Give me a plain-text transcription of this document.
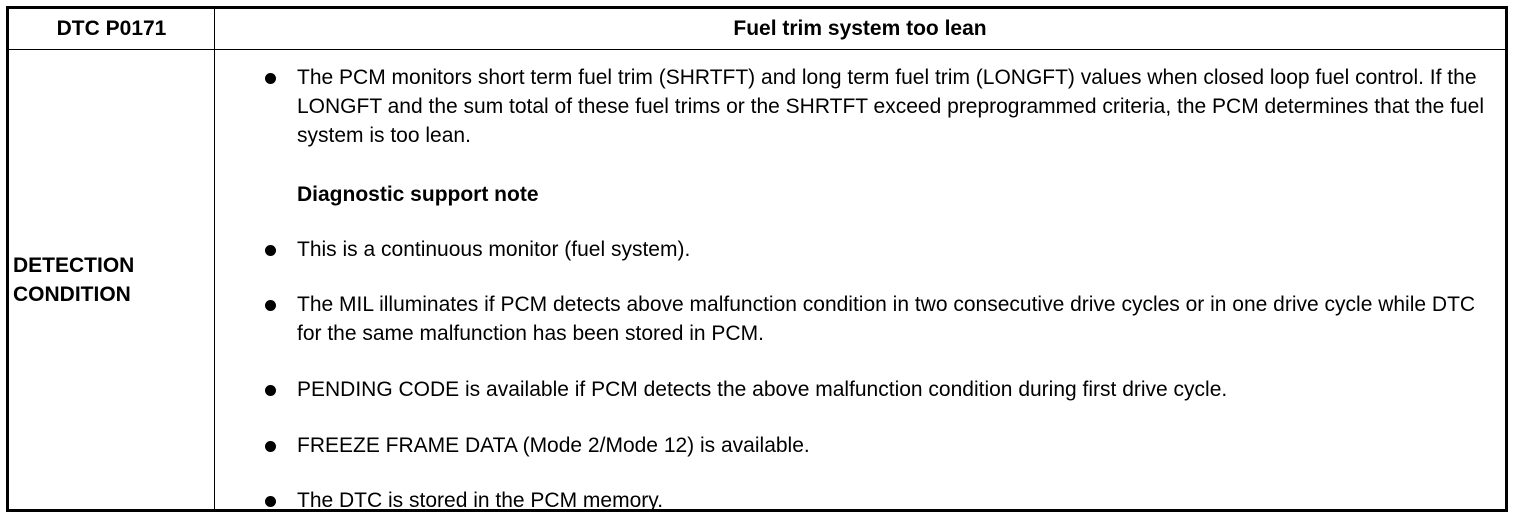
DTC P0171	Fuel trim system too lean
DETECTION
CONDITION
The PCM monitors short term fuel trim (SHRTFT) and long term fuel trim (LONGFT) values when closed loop fuel control. If the LONGFT and the sum total of these fuel trims or the SHRTFT exceed preprogrammed criteria, the PCM determines that the fuel system is too lean.
Diagnostic support note
This is a continuous monitor (fuel system).
The MIL illuminates if PCM detects above malfunction condition in two consecutive drive cycles or in one drive cycle while DTC for the same malfunction has been stored in PCM.
PENDING CODE is available if PCM detects the above malfunction condition during first drive cycle.
FREEZE FRAME DATA (Mode 2/Mode 12) is available.
The DTC is stored in the PCM memory.
